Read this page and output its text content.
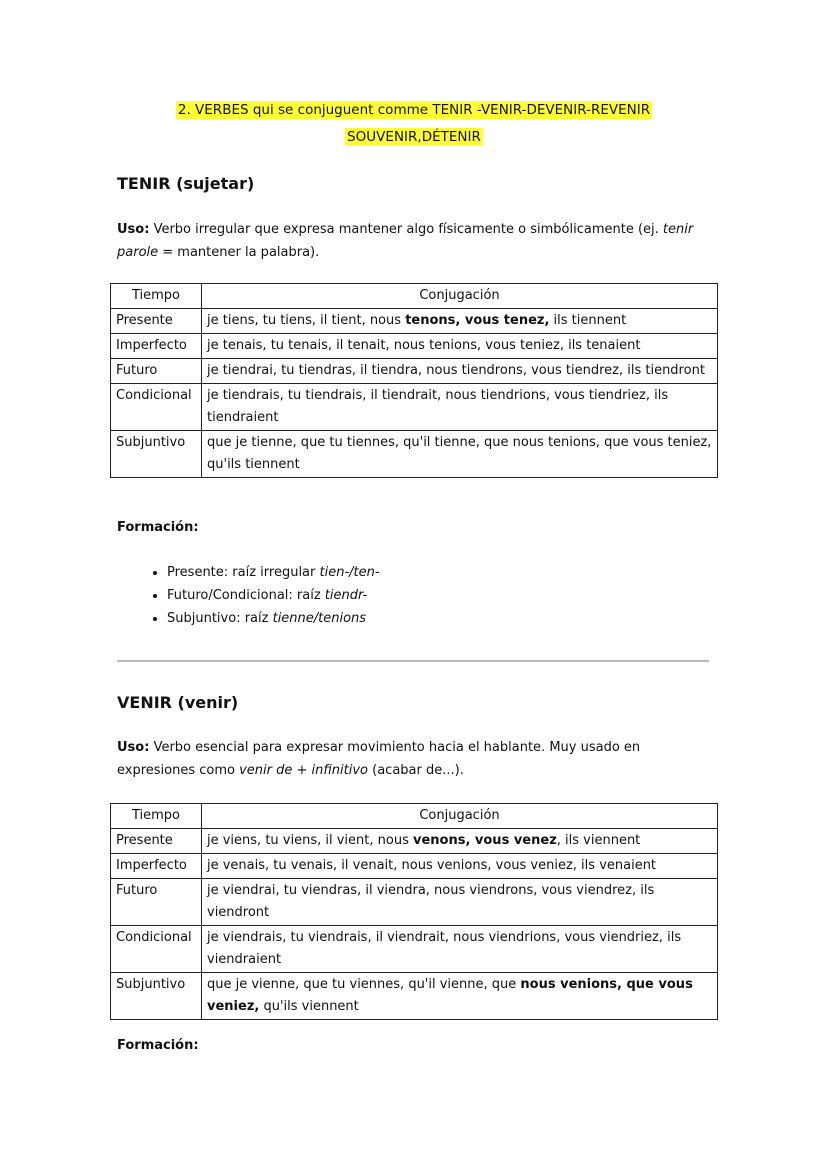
2. VERBES qui se conjuguent comme TENIR -VENIR-DEVENIR-REVENIR
SOUVENIR,DÉTENIR
TENIR (sujetar)
Uso: Verbo irregular que expresa mantener algo físicamente o simbólicamente (ej. tenir parole = mantener la palabra).
Tiempo	Conjugación
Presente	je tiens, tu tiens, il tient, nous tenons, vous tenez, ils tiennent
Imperfecto	je tenais, tu tenais, il tenait, nous tenions, vous teniez, ils tenaient
Futuro	je tiendrai, tu tiendras, il tiendra, nous tiendrons, vous tiendrez, ils tiendront
Condicional	je tiendrais, tu tiendrais, il tiendrait, nous tiendrions, vous tiendriez, ils tiendraient
Subjuntivo	que je tienne, que tu tiennes, qu'il tienne, que nous tenions, que vous teniez, qu'ils tiennent
Formación:
• Presente: raíz irregular tien-/ten-
• Futuro/Condicional: raíz tiendr-
• Subjuntivo: raíz tienne/tenions
VENIR (venir)
Uso: Verbo esencial para expresar movimiento hacia el hablante. Muy usado en expresiones como venir de + infinitivo (acabar de...).
Tiempo	Conjugación
Presente	je viens, tu viens, il vient, nous venons, vous venez, ils viennent
Imperfecto	je venais, tu venais, il venait, nous venions, vous veniez, ils venaient
Futuro	je viendrai, tu viendras, il viendra, nous viendrons, vous viendrez, ils viendront
Condicional	je viendrais, tu viendrais, il viendrait, nous viendrions, vous viendriez, ils viendraient
Subjuntivo	que je vienne, que tu viennes, qu'il vienne, que nous venions, que vous veniez, qu'ils viennent
Formación:
